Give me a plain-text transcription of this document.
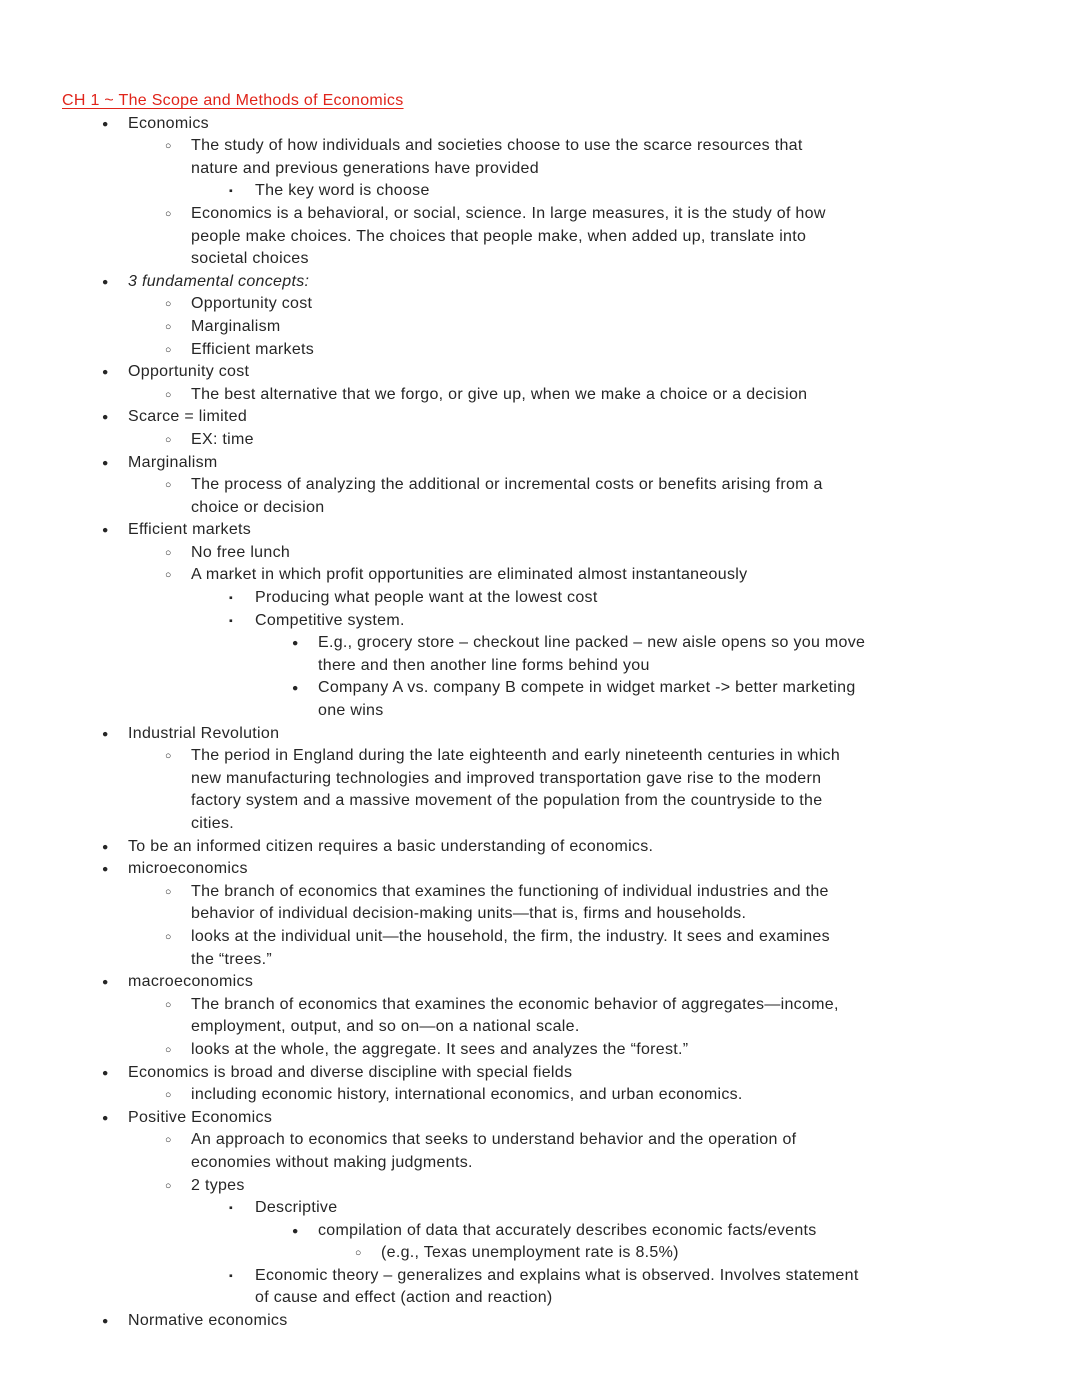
CH 1 ~ The Scope and Methods of Economics
●	Economics
○	The study of how individuals and societies choose to use the scarce resources that
nature and previous generations have provided
▪	The key word is choose
○	Economics is a behavioral, or social, science. In large measures, it is the study of how
people make choices. The choices that people make, when added up, translate into
societal choices
●	3 fundamental concepts:
○	Opportunity cost
○	Marginalism
○	Efficient markets
●	Opportunity cost
○	The best alternative that we forgo, or give up, when we make a choice or a decision
●	Scarce = limited
○	EX: time
●	Marginalism
○	The process of analyzing the additional or incremental costs or benefits arising from a
choice or decision
●	Efficient markets
○	No free lunch
○	A market in which profit opportunities are eliminated almost instantaneously
▪	Producing what people want at the lowest cost
▪	Competitive system.
●	E.g., grocery store – checkout line packed – new aisle opens so you move
there and then another line forms behind you
●	Company A vs. company B compete in widget market -> better marketing
one wins
●	Industrial Revolution
○	The period in England during the late eighteenth and early nineteenth centuries in which
new manufacturing technologies and improved transportation gave rise to the modern
factory system and a massive movement of the population from the countryside to the
cities.
●	To be an informed citizen requires a basic understanding of economics.
●	microeconomics
○	The branch of economics that examines the functioning of individual industries and the
behavior of individual decision-making units—that is, firms and households.
○	looks at the individual unit—the household, the firm, the industry. It sees and examines
the “trees.”
●	macroeconomics
○	The branch of economics that examines the economic behavior of aggregates—income,
employment, output, and so on—on a national scale.
○	looks at the whole, the aggregate. It sees and analyzes the “forest.”
●	Economics is broad and diverse discipline with special fields
○	including economic history, international economics, and urban economics.
●	Positive Economics
○	An approach to economics that seeks to understand behavior and the operation of
economies without making judgments.
○	2 types
▪	Descriptive
●	compilation of data that accurately describes economic facts/events
○	(e.g., Texas unemployment rate is 8.5%)
▪	Economic theory – generalizes and explains what is observed. Involves statement
of cause and effect (action and reaction)
●	Normative economics
